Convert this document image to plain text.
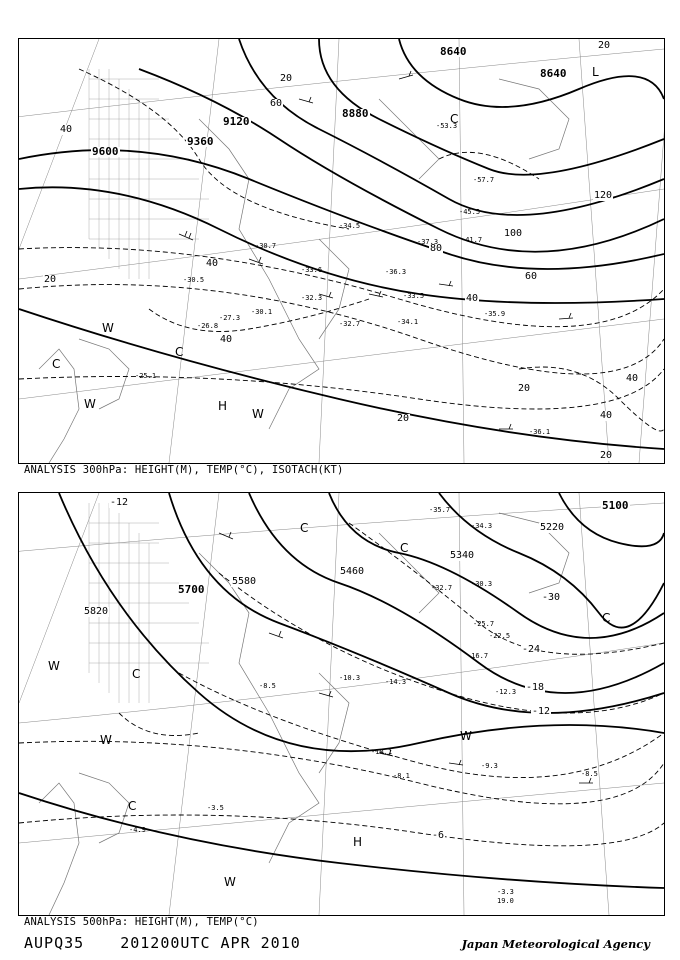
8640
8640
8880
9120
9360
9600
20
40
60
80
100
120
20
40
60
40
20
40
20
20
40
40
20
C
C
H
L
W
W
W
C
-53.3
-57.7
-41.7
-45.5
-37.3
-33.5
-36.3
-34.1
-35.9
-27.3
-26.8
-25.1
-30.5
-32.7
-33.6
-34.5
-36.1
-30.7
-32.3
-30.1
ANALYSIS 300hPa: HEIGHT(M), TEMP(°C), ISOTACH(KT)
5100
5220
5340
5460
5580
5700
5820
-30
-24
-18
-12
-6
-12
C
C
C
C
C
H
W
W	W
W
-35.7
-34.3
-30.3
-32.7
-25.7
-22.5
-16.7
-14.3
-10.3
-12.3
-8.5
-9.3
-3.5
-4.9
-10.1
-8.1
-3.3
-8.5
19.0
ANALYSIS 500hPa: HEIGHT(M), TEMP(°C)
AUPQ35 201200UTC APR 2010	Japan Meteorological Agency
